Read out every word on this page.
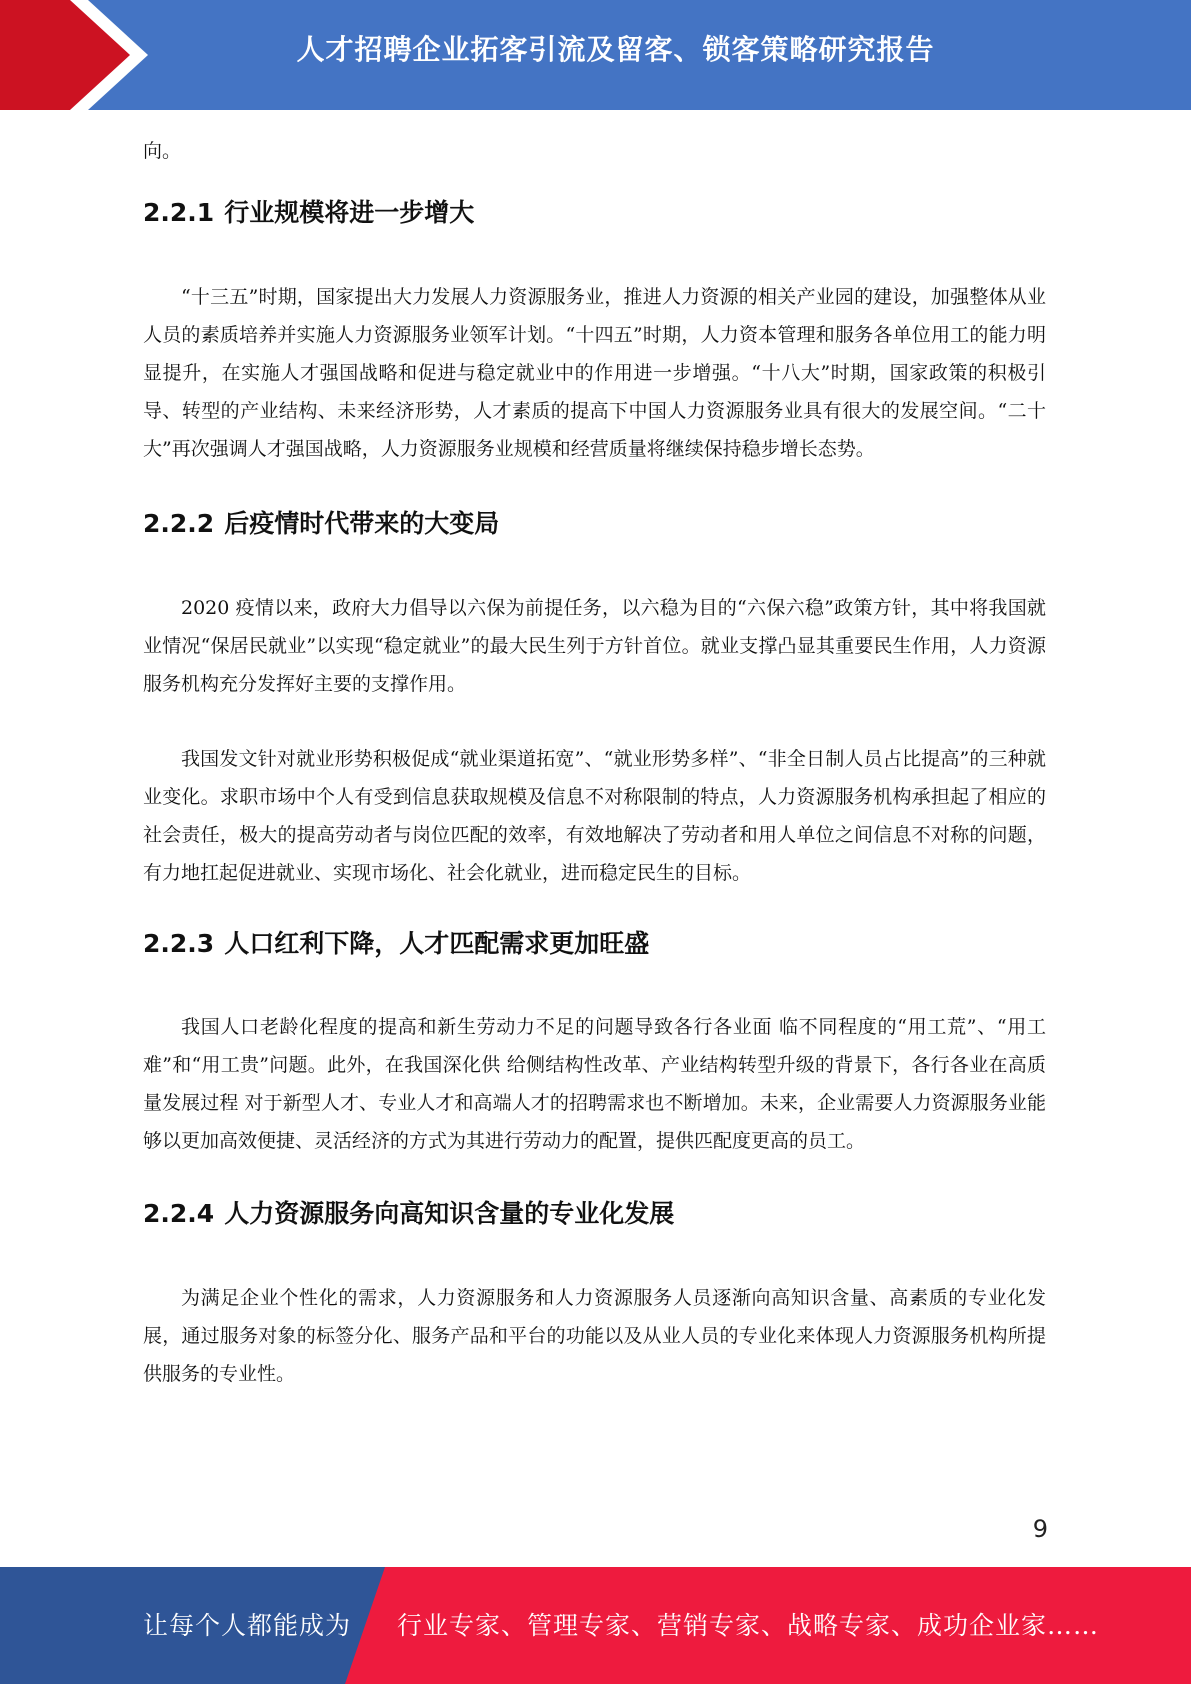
人才招聘企业拓客引流及留客、锁客策略研究报告

向。

2.2.1 行业规模将进一步增大

“十三五”时期，国家提出大力发展人力资源服务业，推进人力资源的相关产业园的建设，加强整体从业人员的素质培养并实施人力资源服务业领军计划。“十四五”时期，人力资本管理和服务各单位用工的能力明显提升，在实施人才强国战略和促进与稳定就业中的作用进一步增强。“十八大”时期，国家政策的积极引导、转型的产业结构、未来经济形势，人才素质的提高下中国人力资源服务业具有很大的发展空间。“二十大”再次强调人才强国战略，人力资源服务业规模和经营质量将继续保持稳步增长态势。

2.2.2 后疫情时代带来的大变局

2020 疫情以来，政府大力倡导以六保为前提任务，以六稳为目的“六保六稳”政策方针，其中将我国就业情况“保居民就业”以实现“稳定就业”的最大民生列于方针首位。就业支撑凸显其重要民生作用，人力资源服务机构充分发挥好主要的支撑作用。

我国发文针对就业形势积极促成“就业渠道拓宽”、“就业形势多样”、“非全日制人员占比提高”的三种就业变化。求职市场中个人有受到信息获取规模及信息不对称限制的特点，人力资源服务机构承担起了相应的社会责任，极大的提高劳动者与岗位匹配的效率，有效地解决了劳动者和用人单位之间信息不对称的问题，有力地扛起促进就业、实现市场化、社会化就业，进而稳定民生的目标。

2.2.3 人口红利下降，人才匹配需求更加旺盛

我国人口老龄化程度的提高和新生劳动力不足的问题导致各行各业面 临不同程度的“用工荒”、“用工难”和“用工贵”问题。此外，在我国深化供 给侧结构性改革、产业结构转型升级的背景下，各行各业在高质量发展过程 对于新型人才、专业人才和高端人才的招聘需求也不断增加。未来，企业需要人力资源服务业能够以更加高效便捷、灵活经济的方式为其进行劳动力的配置，提供匹配度更高的员工。

2.2.4 人力资源服务向高知识含量的专业化发展

为满足企业个性化的需求，人力资源服务和人力资源服务人员逐渐向高知识含量、高素质的专业化发展，通过服务对象的标签分化、服务产品和平台的功能以及从业人员的专业化来体现人力资源服务机构所提供服务的专业性。

9
让每个人都能成为 行业专家、管理专家、营销专家、战略专家、成功企业家……
